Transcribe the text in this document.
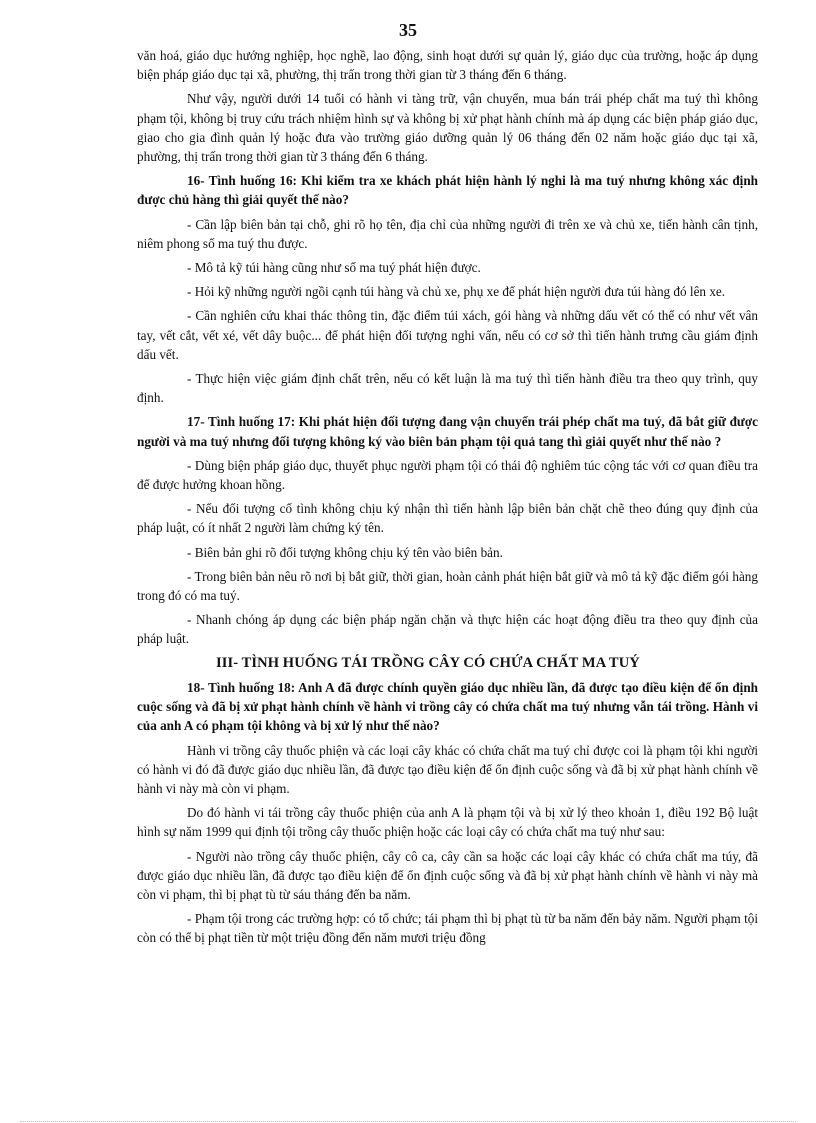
35

văn hoá, giáo dục hướng nghiệp, học nghề, lao động, sinh hoạt dưới sự quản lý, giáo dục của trường, hoặc áp dụng biện pháp giáo dục tại xã, phường, thị trấn trong thời gian từ 3 tháng đến 6 tháng.

Như vậy, người dưới 14 tuổi có hành vi tàng trữ, vận chuyển, mua bán trái phép chất ma tuý thì không phạm tội, không bị truy cứu trách nhiệm hình sự và không bị xử phạt hành chính mà áp dụng các biện pháp giáo dục, giao cho gia đình quản lý hoặc đưa vào trường giáo dưỡng quản lý 06 tháng đến 02 năm hoặc giáo dục tại xã, phường, thị trấn trong thời gian từ 3 tháng đến 6 tháng.

16- Tình huống 16: Khi kiểm tra xe khách phát hiện hành lý nghi là ma tuý nhưng không xác định được chủ hàng thì giải quyết thế nào?

- Cần lập biên bản tại chỗ, ghi rõ họ tên, địa chỉ của những người đi trên xe và chủ xe, tiến hành cân tịnh, niêm phong số ma tuý thu được.

- Mô tả kỹ túi hàng cũng như số ma tuý phát hiện được.

- Hỏi kỹ những người ngồi cạnh túi hàng và chủ xe, phụ xe để phát hiện người đưa túi hàng đó lên xe.

- Cần nghiên cứu khai thác thông tin, đặc điểm túi xách, gói hàng và những dấu vết có thể có như vết vân tay, vết cắt, vết xé, vết dây buộc... để phát hiện đối tượng nghi vấn, nếu có cơ sở thì tiến hành trưng cầu giám định dấu vết.

- Thực hiện việc giám định chất trên, nếu có kết luận là ma tuý thì tiến hành điều tra theo quy trình, quy định.

17- Tình huống 17: Khi phát hiện đối tượng đang vận chuyển trái phép chất ma tuý, đã bắt giữ được người và ma tuý nhưng đối tượng không ký vào biên bản phạm tội quả tang thì giải quyết như thế nào ?

- Dùng biện pháp giáo dục, thuyết phục người phạm tội có thái độ nghiêm túc cộng tác với cơ quan điều tra để được hưởng khoan hồng.

- Nếu đối tượng cố tình không chịu ký nhận thì tiến hành lập biên bản chặt chẽ theo đúng quy định của pháp luật, có ít nhất 2 người làm chứng ký tên.

- Biên bản ghi rõ đối tượng không chịu ký tên vào biên bản.

- Trong biên bản nêu rõ nơi bị bắt giữ, thời gian, hoàn cảnh phát hiện bắt giữ và mô tả kỹ đặc điểm gói hàng trong đó có ma tuý.

- Nhanh chóng áp dụng các biện pháp ngăn chặn và thực hiện các hoạt động điều tra theo quy định của pháp luật.

III- TÌNH HUỐNG TÁI TRỒNG CÂY CÓ CHỨA CHẤT MA TUÝ

18- Tình huống 18: Anh A đã được chính quyền giáo dục nhiều lần, đã được tạo điều kiện để ổn định cuộc sống và đã bị xử phạt hành chính về hành vi trồng cây có chứa chất ma tuý nhưng vẫn tái trồng. Hành vi của anh A có phạm tội không và bị xử lý như thế nào?

Hành vi trồng cây thuốc phiện và các loại cây khác có chứa chất ma tuý chỉ được coi là phạm tội khi người có hành vi đó đã được giáo dục nhiều lần, đã được tạo điều kiện để ổn định cuộc sống và đã bị xử phạt hành chính về hành vi này mà còn vi phạm.

Do đó hành vi tái trồng cây thuốc phiện của anh A là phạm tội và bị xử lý theo khoản 1, điều 192 Bộ luật hình sự năm 1999 qui định tội trồng cây thuốc phiện hoặc các loại cây có chứa chất ma tuý như sau:

- Người nào trồng cây thuốc phiện, cây cô ca, cây cần sa hoặc các loại cây khác có chứa chất ma túy, đã được giáo dục nhiều lần, đã được tạo điều kiện để ổn định cuộc sống và đã bị xử phạt hành chính về hành vi này mà còn vi phạm, thì bị phạt tù từ sáu tháng đến ba năm.

- Phạm tội trong các trường hợp: có tổ chức; tái phạm thì bị phạt tù từ ba năm đến bảy năm. Người phạm tội còn có thể bị phạt tiền từ một triệu đồng đến năm mươi triệu đồng
